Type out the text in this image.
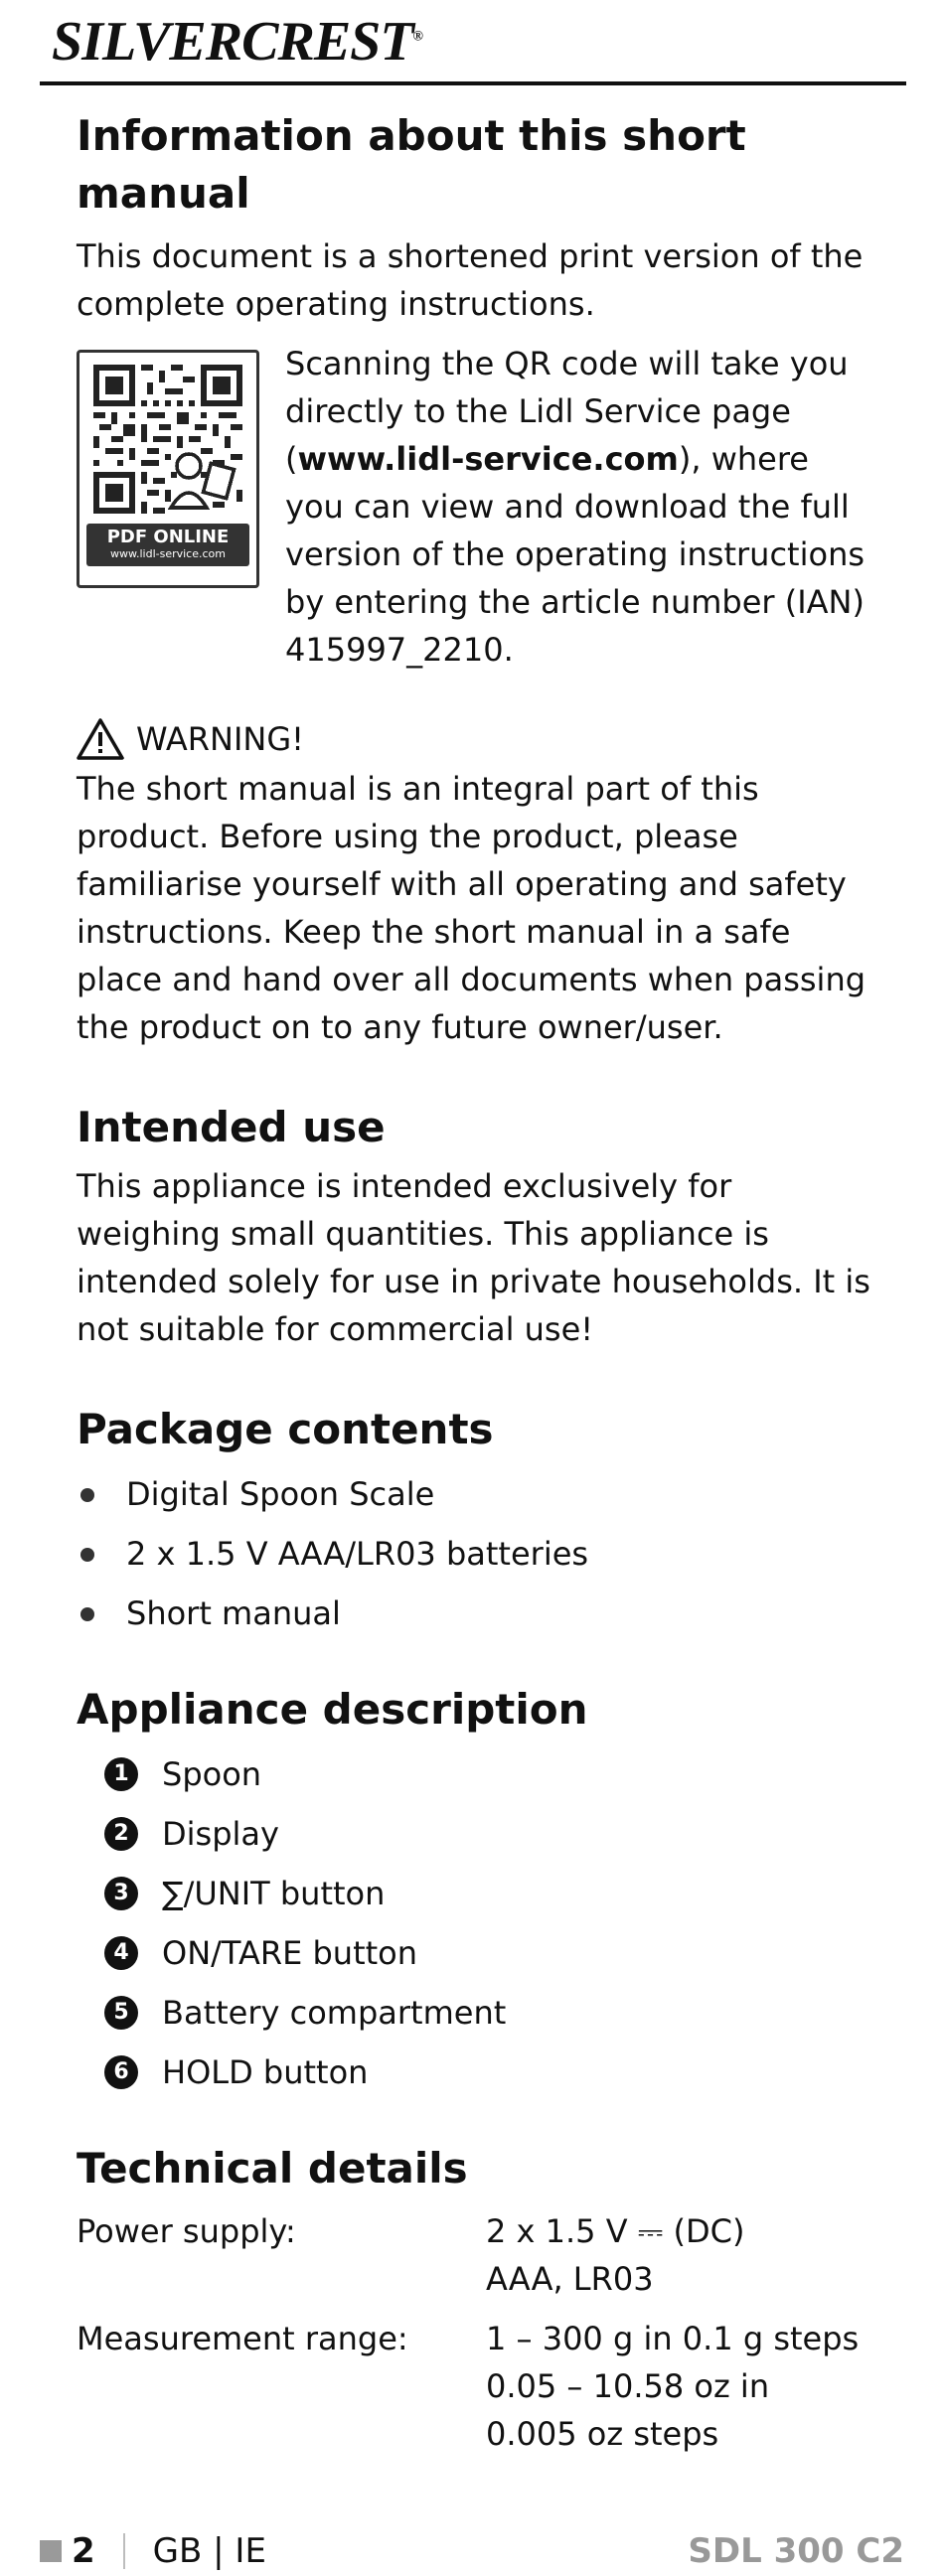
SILVERCREST®
Information about this short manual

This document is a shortened print version of the complete operating instructions.

PDF ONLINE
www.lidl-service.com
Scanning the QR code will take you directly to the Lidl Service page (www.lidl-service.com), where you can view and download the full version of the operating instructions by entering the article number (IAN) 415997_2210.
WARNING!

The short manual is an integral part of this product. Before using the product, please familiarise yourself with all operating and safety instructions. Keep the short manual in a safe place and hand over all documents when passing the product on to any future owner/user.

Intended use

This appliance is intended exclusively for weighing small quantities. This appliance is intended solely for use in private households. It is not suitable for commercial use!

Package contents
Digital Spoon Scale
2 x 1.5 V AAA/LR03 batteries
Short manual
Appliance description
1 Spoon
2 Display
3 ∑/UNIT button
4 ON/TARE button
5 Battery compartment
6 HOLD button
Technical details
Power supply:	2 x 1.5 V ⎓ (DC)
AAA, LR03
Measurement range:	1 – 300 g in 0.1 g steps
0.05 – 10.58 oz in
0.005 oz steps
2 GB | IE	SDL 300 C2
